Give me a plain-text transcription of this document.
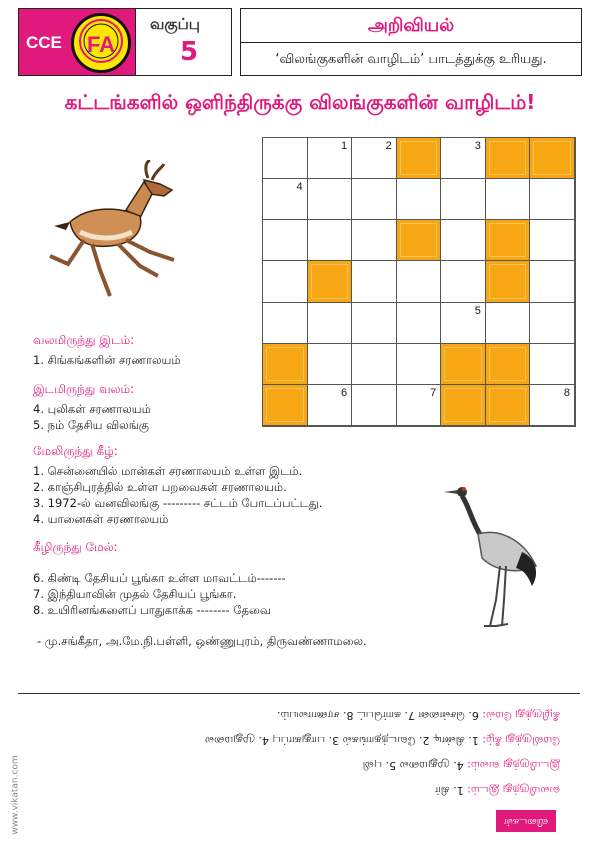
CCE	FA
வகுப்பு
5
அறிவியல்
‘விலங்குகளின் வாழிடம்’ பாடத்துக்கு உரியது.
கட்டங்களில் ஒளிந்திருக்கு விலங்குகளின் வாழிடம்!
1	2	3
4
5
6	7	8
வலமிருந்து இடம்:
1. சிங்கங்களின் சரணாலயம்
இடமிருந்து வலம்:
4. புலிகள் சரணாலயம்
5. நம் தேசிய விலங்கு
மேலிருந்து கீழ்:
1. சென்னையில் மான்கள் சரணாலயம் உள்ள இடம்.
2. காஞ்சிபுரத்தில் உள்ள பறவைகள் சரணாலயம்.
3. 1972-ல் வனவிலங்கு --------- சட்டம் போடப்பட்டது.
4. யானைகள் சரணாலயம்
கீழிருந்து மேல்:
6. கிண்டி தேசியப் பூங்கா உள்ள மாவட்டம்-------
7. இந்தியாவின் முதல் தேசியப் பூங்கா.
8. உயிரினங்களைப் பாதுகாக்க -------- தேவை
- மு.சங்கீதா, அ.மே.நி.பள்ளி, ஒண்ணுபுரம், திருவண்ணாமலை.
வலமிருந்து இடம்: 1. கிர்
இடமிருந்து வலம்: 4. முதுமலை 5. புலி
மேலிருந்து கீழ்: 1. கிண்டி 2. வேடந்தாங்கல் 3. பாதுகாப்பு 4. முதுமலை
கீழிருந்து மேல்: 6. சென்னை 7. கார்பெட் 8. சரணாலயம்.
விடைகள்
www.vikatan.com
